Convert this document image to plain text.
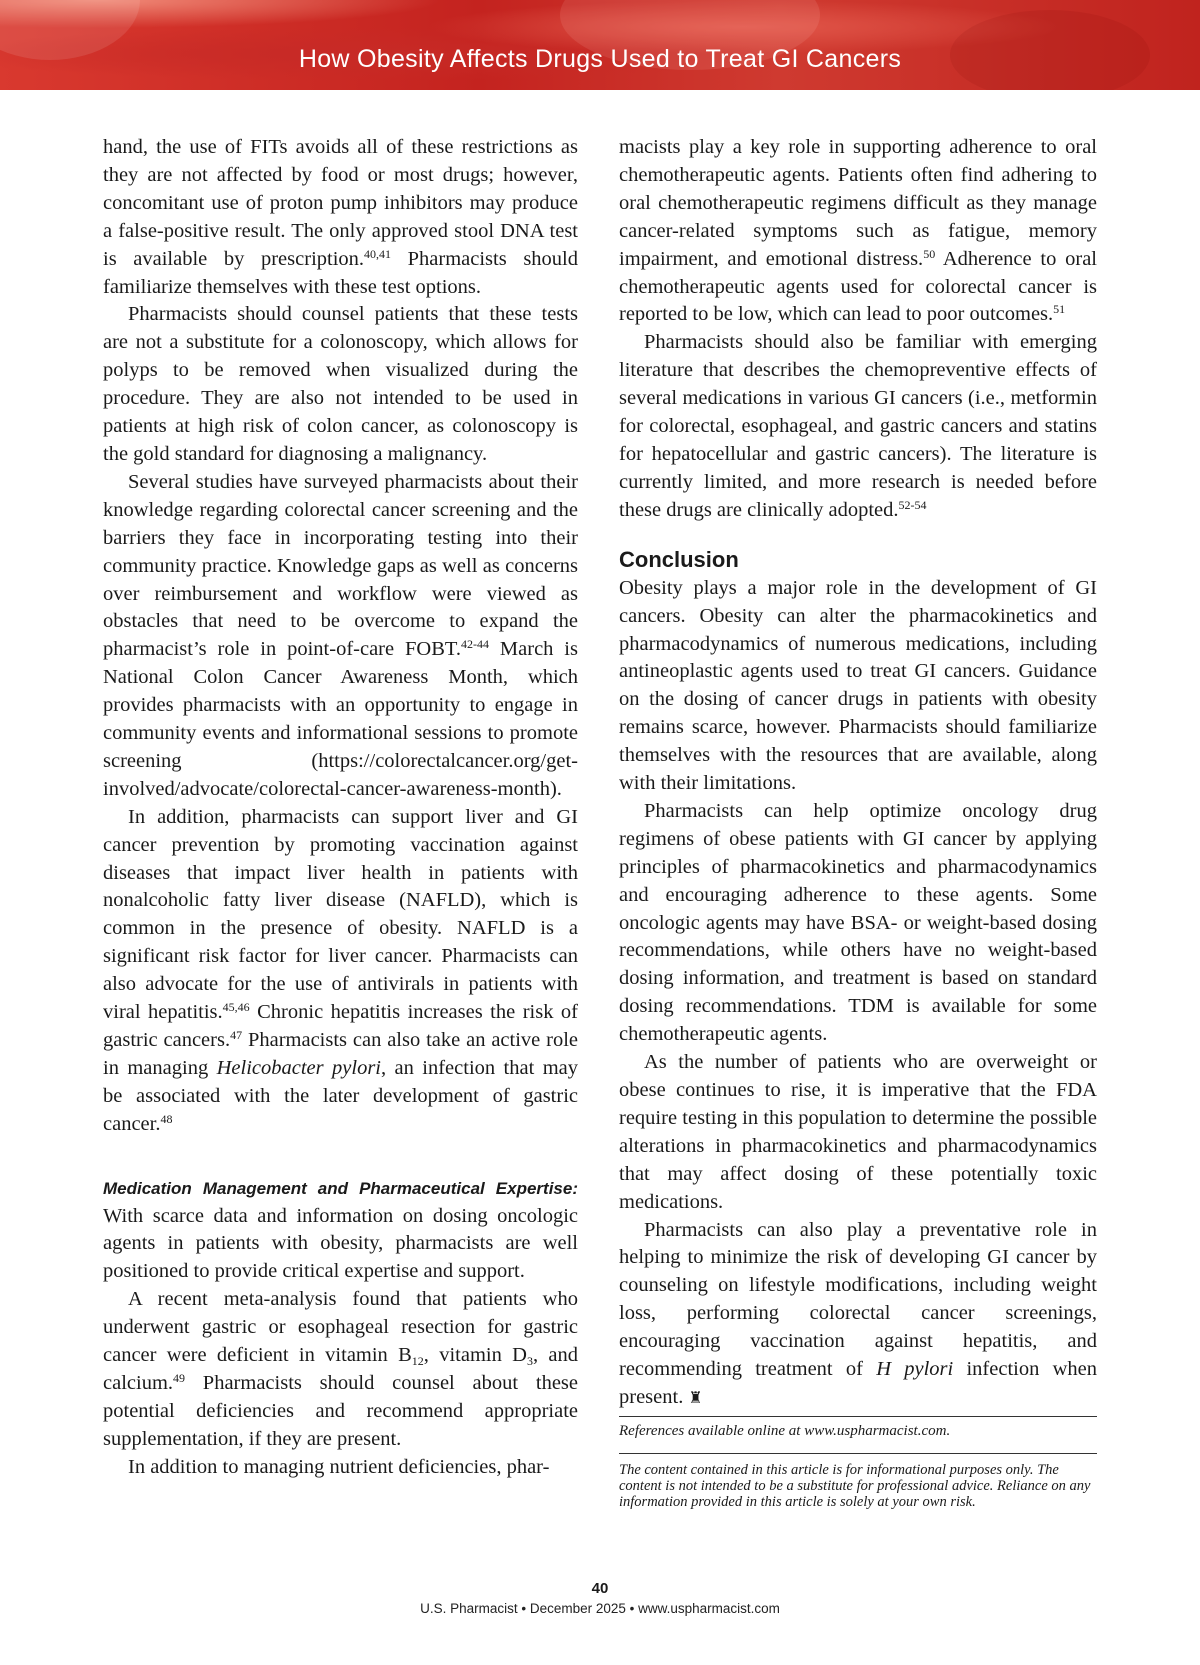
How Obesity Affects Drugs Used to Treat GI Cancers

hand, the use of FITs avoids all of these restrictions as they are not affected by food or most drugs; however, concomitant use of proton pump inhibitors may produce a false-positive result. The only approved stool DNA test is available by prescription.$^{40,41}$ Pharmacists should familiarize themselves with these test options.

Pharmacists should counsel patients that these tests are not a substitute for a colonoscopy, which allows for polyps to be removed when visualized during the procedure. They are also not intended to be used in patients at high risk of colon cancer, as colonoscopy is the gold standard for diagnosing a malignancy.

Several studies have surveyed pharmacists about their knowledge regarding colorectal cancer screening and the barriers they face in incorporating testing into their community practice. Knowledge gaps as well as concerns over reimbursement and workflow were viewed as obstacles that need to be overcome to expand the pharmacist’s role in point-of-care FOBT.$^{42-44}$ March is National Colon Cancer Awareness Month, which provides pharmacists with an opportunity to engage in community events and informational sessions to promote screening (https://colorectalcancer.org/get-involved/advocate/colorectal-cancer-awareness-month).

In addition, pharmacists can support liver and GI cancer prevention by promoting vaccination against diseases that impact liver health in patients with nonalcoholic fatty liver disease (NAFLD), which is common in the presence of obesity. NAFLD is a significant risk factor for liver cancer. Pharmacists can also advocate for the use of antivirals in patients with viral hepatitis.$^{45,46}$ Chronic hepatitis increases the risk of gastric cancers.$^{47}$ Pharmacists can also take an active role in managing Helicobacter pylori, an infection that may be associated with the later development of gastric cancer.$^{48}$

Medication Management and Pharmaceutical Expertise: With scarce data and information on dosing oncologic agents in patients with obesity, pharmacists are well positioned to provide critical expertise and support.

A recent meta-analysis found that patients who underwent gastric or esophageal resection for gastric cancer were deficient in vitamin $B_{12}$, vitamin $D_3$, and calcium.$^{49}$ Pharmacists should counsel about these potential deficiencies and recommend appropriate supplementation, if they are present.

In addition to managing nutrient deficiencies, phar-

macists play a key role in supporting adherence to oral chemotherapeutic agents. Patients often find adhering to oral chemotherapeutic regimens difficult as they manage cancer-related symptoms such as fatigue, memory impairment, and emotional distress.$^{50}$ Adherence to oral chemotherapeutic agents used for colorectal cancer is reported to be low, which can lead to poor outcomes.$^{51}$

Pharmacists should also be familiar with emerging literature that describes the chemopreventive effects of several medications in various GI cancers (i.e., metformin for colorectal, esophageal, and gastric cancers and statins for hepatocellular and gastric cancers). The literature is currently limited, and more research is needed before these drugs are clinically adopted.$^{52-54}$

Conclusion

Obesity plays a major role in the development of GI cancers. Obesity can alter the pharmacokinetics and pharmacodynamics of numerous medications, including antineoplastic agents used to treat GI cancers. Guidance on the dosing of cancer drugs in patients with obesity remains scarce, however. Pharmacists should familiarize themselves with the resources that are available, along with their limitations.

Pharmacists can help optimize oncology drug regimens of obese patients with GI cancer by applying principles of pharmacokinetics and pharmacodynamics and encouraging adherence to these agents. Some oncologic agents may have BSA- or weight-based dosing recommendations, while others have no weight-based dosing information, and treatment is based on standard dosing recommendations. TDM is available for some chemotherapeutic agents.

As the number of patients who are overweight or obese continues to rise, it is imperative that the FDA require testing in this population to determine the possible alterations in pharmacokinetics and pharmacodynamics that may affect dosing of these potentially toxic medications.

Pharmacists can also play a preventative role in helping to minimize the risk of developing GI cancer by counseling on lifestyle modifications, including weight loss, performing colorectal cancer screenings, encouraging vaccination against hepatitis, and recommending treatment of H pylori infection when present. ♜

References available online at www.uspharmacist.com.
The content contained in this article is for informational purposes only. The content is not intended to be a substitute for professional advice. Reliance on any information provided in this article is solely at your own risk.
40
U.S. Pharmacist • December 2025 • www.uspharmacist.com
